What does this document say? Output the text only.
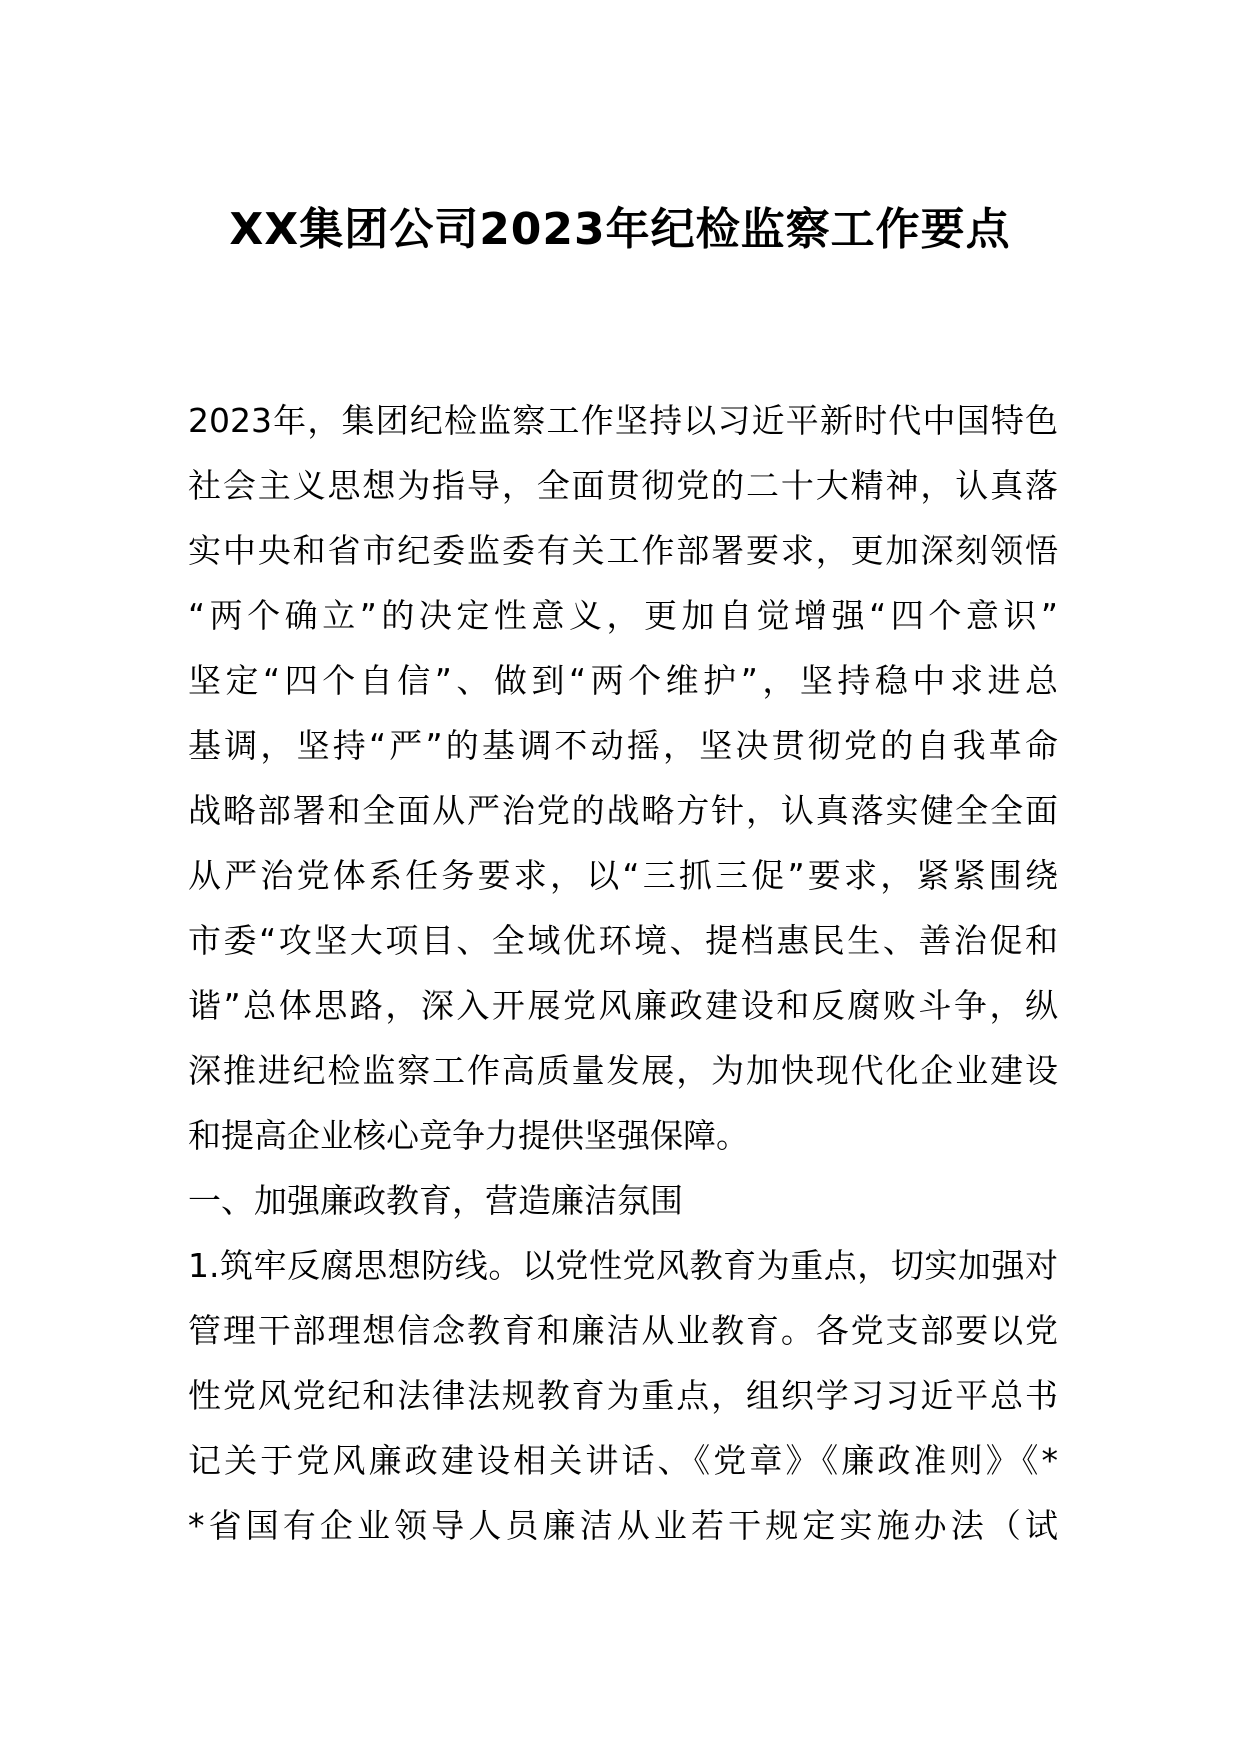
XX集团公司2023年纪检监察工作要点
2023年，集团纪检监察工作坚持以习近平新时代中国特色
社会主义思想为指导，全面贯彻党的二十大精神，认真落
实中央和省市纪委监委有关工作部署要求，更加深刻领悟
“两个确立”的决定性意义，更加自觉增强“四个意识”
坚定“四个自信”、做到“两个维护”，坚持稳中求进总
基调，坚持“严”的基调不动摇，坚决贯彻党的自我革命
战略部署和全面从严治党的战略方针，认真落实健全全面
从严治党体系任务要求，以“三抓三促”要求，紧紧围绕
市委“攻坚大项目、全域优环境、提档惠民生、善治促和
谐”总体思路，深入开展党风廉政建设和反腐败斗争，纵
深推进纪检监察工作高质量发展，为加快现代化企业建设
和提高企业核心竞争力提供坚强保障。
一、加强廉政教育，营造廉洁氛围
1.筑牢反腐思想防线。以党性党风教育为重点，切实加强对
管理干部理想信念教育和廉洁从业教育。各党支部要以党
性党风党纪和法律法规教育为重点，组织学习习近平总书
记关于党风廉政建设相关讲话、《党章》《廉政准则》《*
*省国有企业领导人员廉洁从业若干规定实施办法（试
